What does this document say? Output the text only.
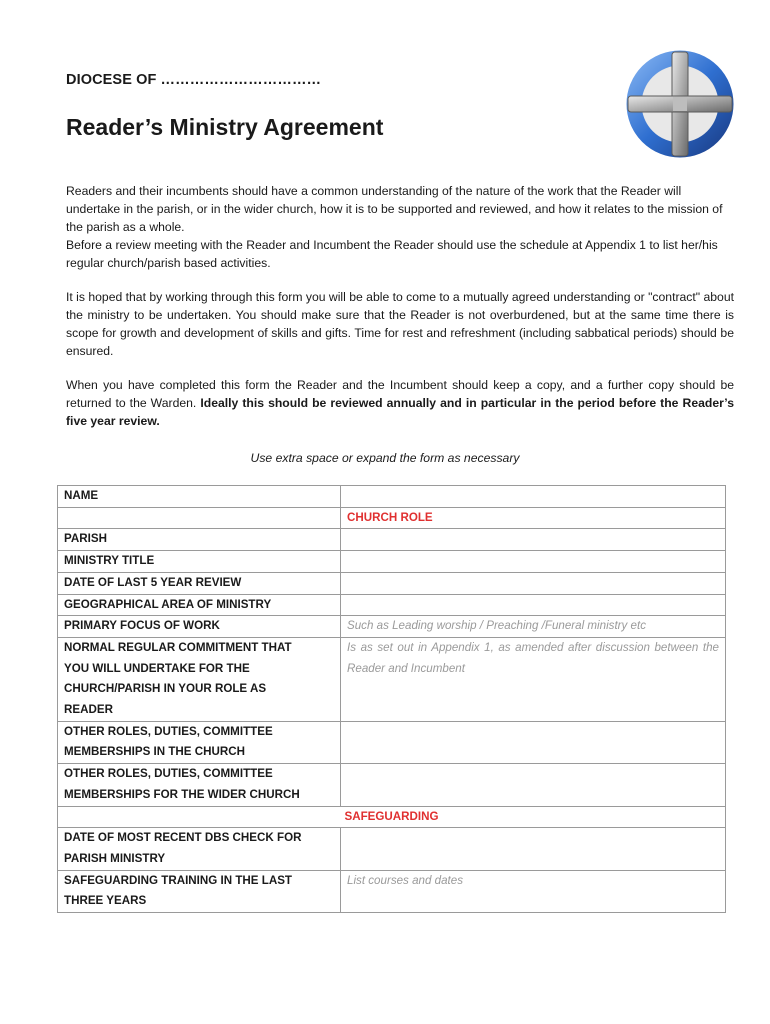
DIOCESE OF ……………………………
Reader’s Ministry Agreement

Readers and their incumbents should have a common understanding of the nature of the work that the Reader will undertake in the parish, or in the wider church, how it is to be supported and reviewed, and how it relates to the mission of the parish as a whole.

Before a review meeting with the Reader and Incumbent the Reader should use the schedule at Appendix 1 to list her/his regular church/parish based activities.

It is hoped that by working through this form you will be able to come to a mutually agreed understanding or "contract" about the ministry to be undertaken. You should make sure that the Reader is not overburdened, but at the same time there is scope for growth and development of skills and gifts. Time for rest and refreshment (including sabbatical periods) should be ensured.

When you have completed this form the Reader and the Incumbent should keep a copy, and a further copy should be returned to the Warden. Ideally this should be reviewed annually and in particular in the period before the Reader’s five year review.

Use extra space or expand the form as necessary
NAME	
	CHURCH ROLE
PARISH	
MINISTRY TITLE	
DATE OF LAST 5 YEAR REVIEW	
GEOGRAPHICAL AREA OF MINISTRY	
PRIMARY FOCUS OF WORK	Such as Leading worship / Preaching /Funeral ministry etc

NORMAL REGULAR COMMITMENT THAT
YOU WILL UNDERTAKE FOR THE
CHURCH/PARISH IN YOUR ROLE AS
READER	Is as set out in Appendix 1, as amended after discussion between the Reader and Incumbent

OTHER ROLES, DUTIES, COMMITTEE
MEMBERSHIPS IN THE CHURCH	

OTHER ROLES, DUTIES, COMMITTEE
MEMBERSHIPS FOR THE WIDER CHURCH	

SAFEGUARDING	

DATE OF MOST RECENT DBS CHECK FOR
PARISH MINISTRY	

SAFEGUARDING TRAINING IN THE LAST
THREE YEARS	List courses and dates
